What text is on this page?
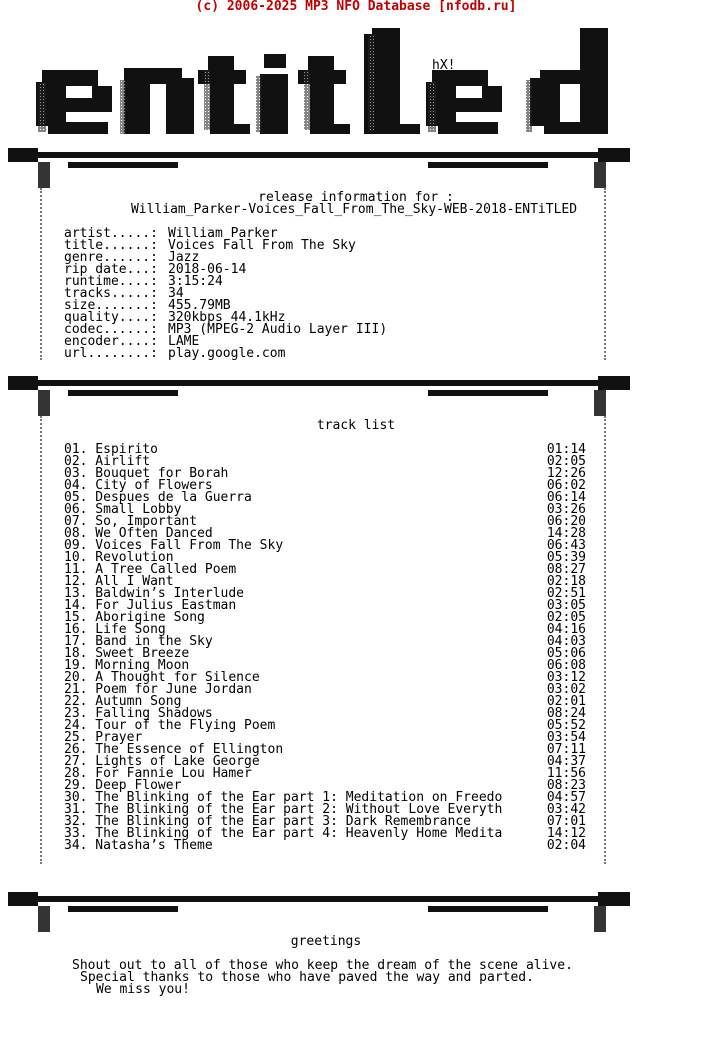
(c) 2006-2025 MP3 NFO Database [nfodb.ru]
hX!
release information for :
William_Parker-Voices_Fall_From_The_Sky-WEB-2018-ENTiTLED
artist.....: William Parker
title......: Voices Fall From The Sky
genre......: Jazz
rip date...: 2018-06-14
runtime....: 3:15:24
tracks.....: 34
size.......: 455.79MB
quality....: 320kbps 44.1kHz
codec......: MP3 (MPEG-2 Audio Layer III)
encoder....: LAME
url........: play.google.com
track list
01. Espirito	01:14
02. Airlift	02:05
03. Bouquet for Borah	12:26
04. City of Flowers	06:02
05. Despues de la Guerra	06:14
06. Small Lobby	03:26
07. So, Important	06:20
08. We Often Danced	14:28
09. Voices Fall From The Sky	06:43
10. Revolution	05:39
11. A Tree Called Poem	08:27
12. All I Want	02:18
13. Baldwin’s Interlude	02:51
14. For Julius Eastman	03:05
15. Aborigine Song	02:05
16. Life Song	04:16
17. Band in the Sky	04:03
18. Sweet Breeze	05:06
19. Morning Moon	06:08
20. A Thought for Silence	03:12
21. Poem for June Jordan	03:02
22. Autumn Song	02:01
23. Falling Shadows	08:24
24. Tour of the Flying Poem	05:52
25. Prayer	03:54
26. The Essence of Ellington	07:11
27. Lights of Lake George	04:37
28. For Fannie Lou Hamer	11:56
29. Deep Flower	08:23
30. The Blinking of the Ear part 1: Meditation on Freedo	04:57
31. The Blinking of the Ear part 2: Without Love Everyth	03:42
32. The Blinking of the Ear part 3: Dark Remembrance	07:01
33. The Blinking of the Ear part 4: Heavenly Home Medita	14:12
34. Natasha’s Theme	02:04
greetings
Shout out to all of those who keep the dream of the scene alive.
Special thanks to those who have paved the way and parted.
We miss you!
